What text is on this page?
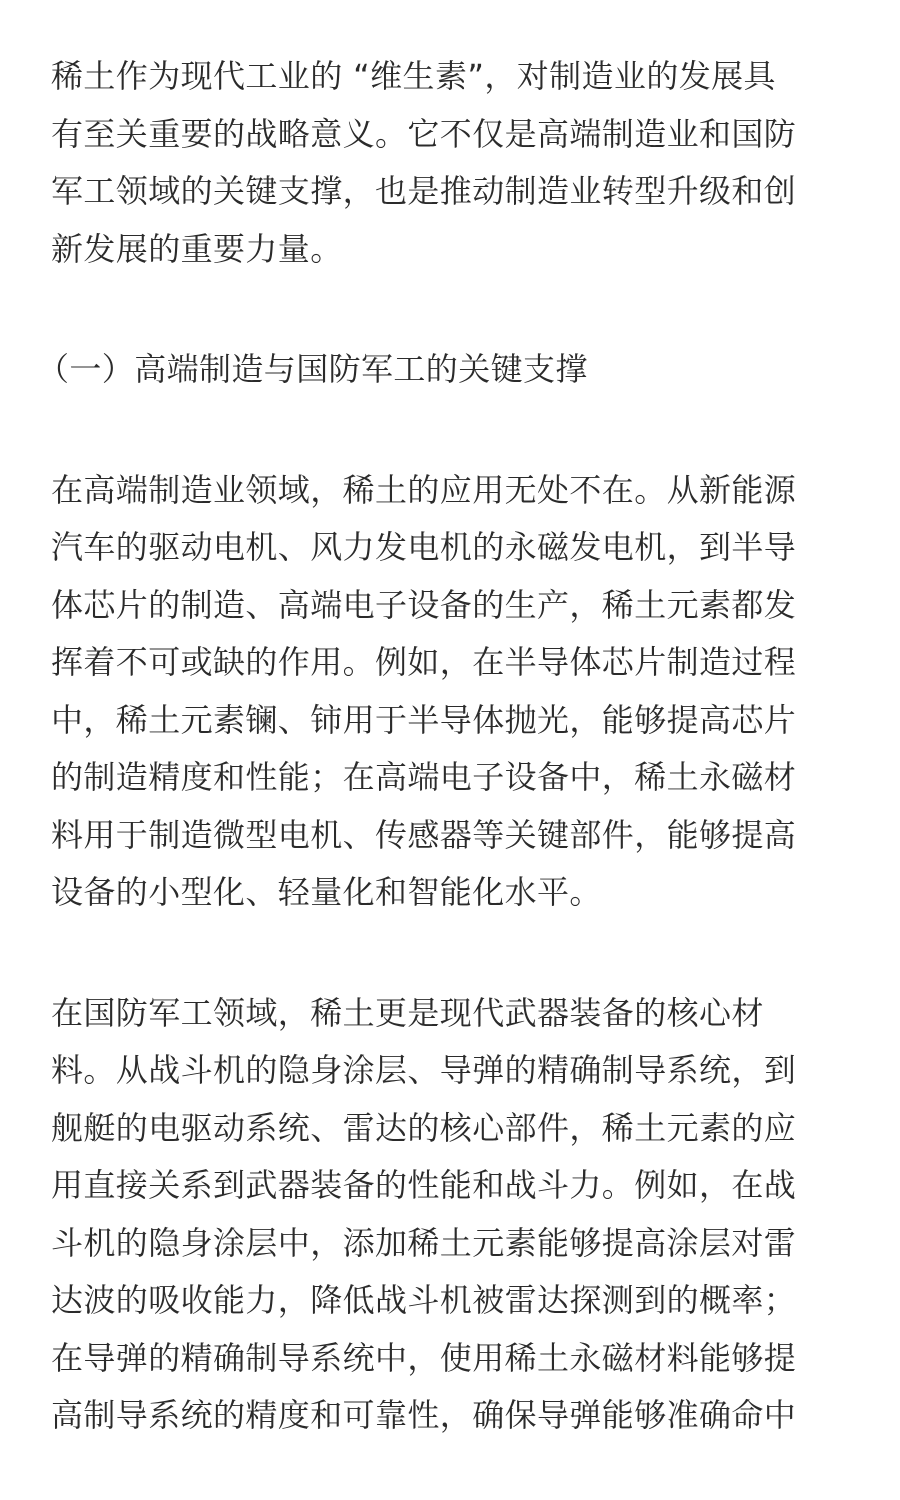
稀土作为现代工业的 “维生素”，对制造业的发展具
有至关重要的战略意义。它不仅是高端制造业和国防
军工领域的关键支撑，也是推动制造业转型升级和创
新发展的重要力量。

（一）高端制造与国防军工的关键支撑

在高端制造业领域，稀土的应用无处不在。从新能源
汽车的驱动电机、风力发电机的永磁发电机，到半导
体芯片的制造、高端电子设备的生产，稀土元素都发
挥着不可或缺的作用。例如，在半导体芯片制造过程
中，稀土元素镧、铈用于半导体抛光，能够提高芯片
的制造精度和性能；在高端电子设备中，稀土永磁材
料用于制造微型电机、传感器等关键部件，能够提高
设备的小型化、轻量化和智能化水平。

在国防军工领域，稀土更是现代武器装备的核心材
料。从战斗机的隐身涂层、导弹的精确制导系统，到
舰艇的电驱动系统、雷达的核心部件，稀土元素的应
用直接关系到武器装备的性能和战斗力。例如，在战
斗机的隐身涂层中，添加稀土元素能够提高涂层对雷
达波的吸收能力，降低战斗机被雷达探测到的概率；
在导弹的精确制导系统中，使用稀土永磁材料能够提
高制导系统的精度和可靠性，确保导弹能够准确命中
